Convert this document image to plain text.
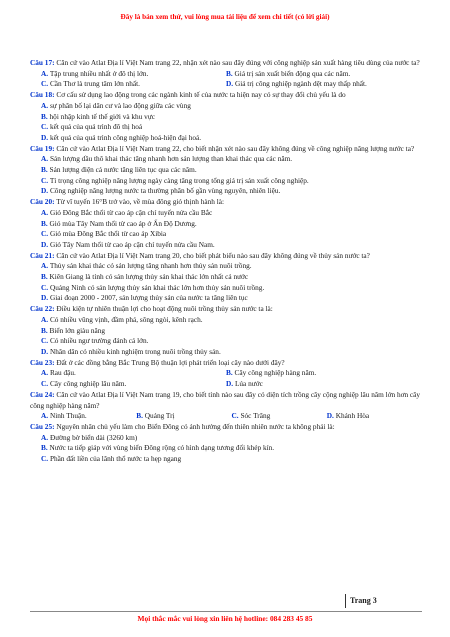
Đây là bản xem thử, vui lòng mua tài liệu để xem chi tiết (có lời giải)

Câu 17: Căn cứ vào Atlat Địa lí Việt Nam trang 22, nhận xét nào sau đây đúng với công nghiệp sản xuất hàng tiêu dùng của nước ta?

A. Tập trung nhiều nhất ở đô thị lớn.	B. Giá trị sản xuất biến động qua các năm.
C. Cần Thơ là trung tâm lớn nhất.	D. Giá trị công nghiệp ngành dệt may thấp nhất.

Câu 18: Cơ cấu sử dụng lao động trong các ngành kinh tế của nước ta hiện nay có sự thay đổi chủ yếu là do

A. sự phân bố lại dân cư và lao động giữa các vùng

B. hội nhập kinh tế thế giới và khu vực

C. kết quả của quá trình đô thị hoá

D. kết quả của quá trình công nghiệp hoá-hiện đại hoá.

Câu 19: Căn cứ vào Atlat Địa lí Việt Nam trang 22, cho biết nhận xét nào sau đây không đúng về công nghiệp năng lượng nước ta?

A. Sản lượng dầu thô khai thác tăng nhanh hơn sản lượng than khai thác qua các năm.

B. Sản lượng điện cả nước tăng liên tục qua các năm.

C. Tỉ trọng công nghiệp năng lượng ngày càng tăng trong tổng giá trị sản xuất công nghiệp.

D. Công nghiệp năng lượng nước ta thường phân bố gần vùng nguyên, nhiên liệu.

Câu 20: Từ vĩ tuyến 16°B trở vào, về mùa đông gió thịnh hành là:

A. Gió Đông Bắc thổi từ cao áp cận chí tuyến nửa cầu Bắc

B. Gió mùa Tây Nam thổi từ cao áp ở Ấn Độ Dương.

C. Gió mùa Đông Bắc thổi từ cao áp Xibia

D. Gió Tây Nam thổi từ cao áp cận chí tuyến nửa cầu Nam.

Câu 21: Căn cứ vào Atlat Địa lí Việt Nam trang 20, cho biết phát biểu nào sau đây không đúng về thủy sản nước ta?

A. Thủy sản khai thác có sản lượng tăng nhanh hơn thủy sản nuôi trồng.

B. Kiên Giang là tỉnh có sản lượng thủy sản khai thác lớn nhất cả nước

C. Quảng Ninh có sản lượng thủy sản khai thác lớn hơn thủy sản nuôi trồng.

D. Giai đoạn 2000 - 2007, sản lượng thủy sản của nước ta tăng liên tục

Câu 22: Điều kiện tự nhiên thuận lợi cho hoạt động nuôi trồng thủy sản nước ta là:

A. Có nhiều vũng vịnh, đầm phá, sông ngòi, kênh rạch.

B. Biển lớn giàu năng

C. Có nhiều ngư trường đánh cá lớn.

D. Nhân dân có nhiều kinh nghiệm trong nuôi trồng thủy sản.

Câu 23: Đất ở các đồng bằng Bắc Trung Bộ thuận lợi phát triển loại cây nào dưới đây?

A. Rau đậu.	B. Cây công nghiệp hàng năm.
C. Cây công nghiệp lâu năm.	D. Lúa nước

Câu 24: Căn cứ vào Atlat Địa lí Việt Nam trang 19, cho biết tỉnh nào sau đây có diện tích trồng cây cộng nghiệp lâu năm lớn hơn cây công nghiệp hàng năm?

A. Ninh Thuận.	B. Quảng Trị	C. Sóc Trăng	D. Khánh Hòa

Câu 25: Nguyên nhân chủ yếu làm cho Biển Đông có ảnh hưởng đến thiên nhiên nước ta không phải là:

A. Đường bờ biển dài (3260 km)

B. Nước ta tiếp giáp với vùng biển Đông rộng có hình dạng tương đối khép kín.

C. Phần đất liền của lãnh thổ nước ta hẹp ngang

Trang 3
Mọi thắc mắc vui lòng xin liên hệ hotline: 084 283 45 85
